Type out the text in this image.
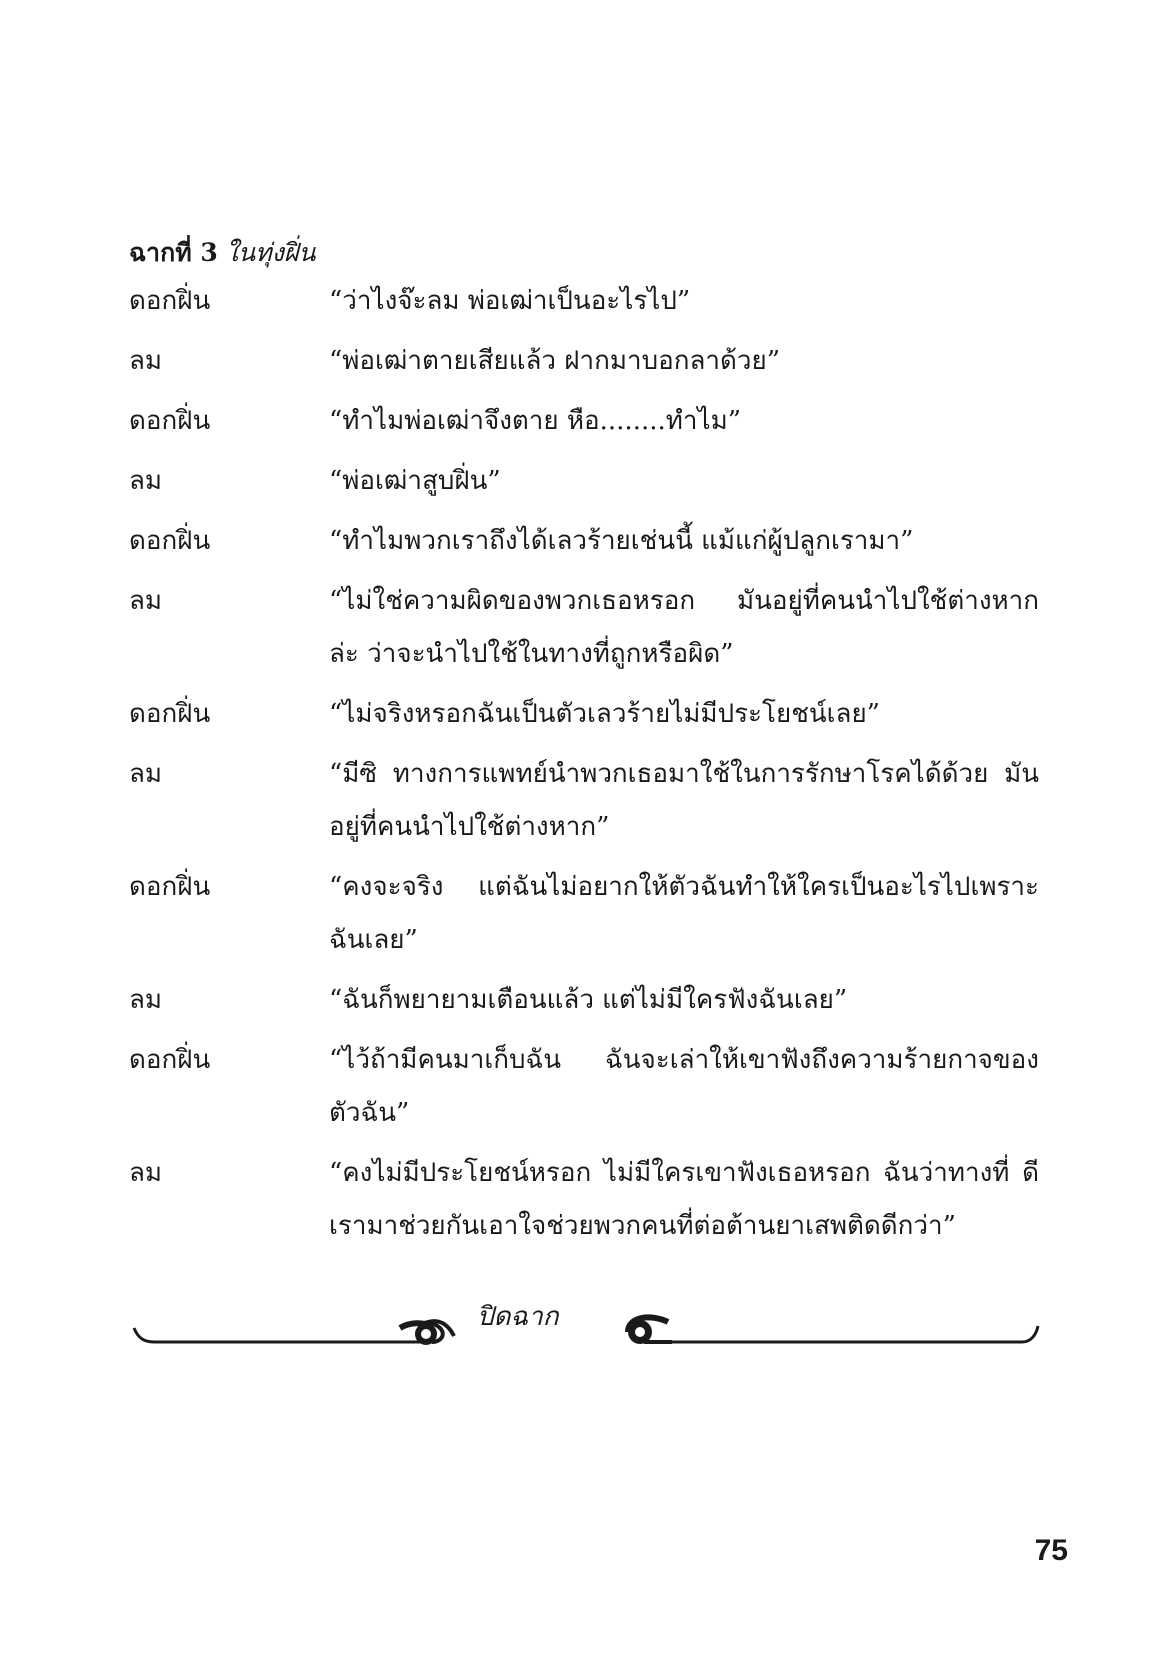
ฉากที่ 3 ในทุ่งฝิ่น
ดอกฝิ่น	“ว่าไงจ๊ะลม พ่อเฒ่าเป็นอะไรไป”
ลม	“พ่อเฒ่าตายเสียแล้ว ฝากมาบอกลาด้วย”
ดอกฝิ่น	“ทำไมพ่อเฒ่าจึงตาย หือ........ทำไม”
ลม	“พ่อเฒ่าสูบฝิ่น”
ดอกฝิ่น	“ทำไมพวกเราถึงได้เลวร้ายเช่นนี้ แม้แก่ผู้ปลูกเรามา”
ลม	“ไม่ใช่ความผิดของพวกเธอหรอก มันอยู่ที่คนนำไปใช้ต่างหาก ล่ะ ว่าจะนำไปใช้ในทางที่ถูกหรือผิด”
ดอกฝิ่น	“ไม่จริงหรอกฉันเป็นตัวเลวร้ายไม่มีประโยชน์เลย”
ลม	“มีซิ ทางการแพทย์นำพวกเธอมาใช้ในการรักษาโรคได้ด้วย มัน อยู่ที่คนนำไปใช้ต่างหาก”
ดอกฝิ่น	“คงจะจริง แต่ฉันไม่อยากให้ตัวฉันทำให้ใครเป็นอะไรไปเพราะ ฉันเลย”
ลม	“ฉันก็พยายามเตือนแล้ว แต่ไม่มีใครฟังฉันเลย”
ดอกฝิ่น	“ไว้ถ้ามีคนมาเก็บฉัน ฉันจะเล่าให้เขาฟังถึงความร้ายกาจของ ตัวฉัน”
ลม	“คงไม่มีประโยชน์หรอก ไม่มีใครเขาฟังเธอหรอก ฉันว่าทางที่ ดีเรามาช่วยกันเอาใจช่วยพวกคนที่ต่อต้านยาเสพติดดีกว่า”
ปิดฉาก
75
